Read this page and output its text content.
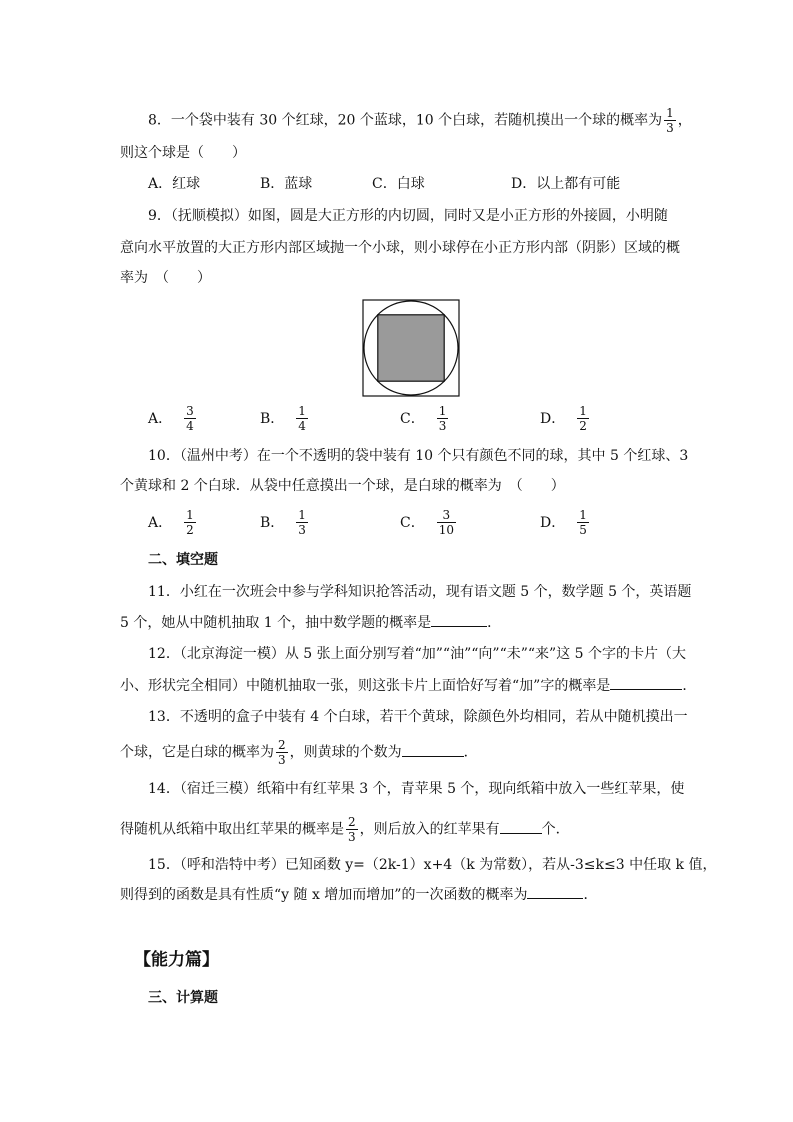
8．一个袋中装有 30 个红球，20 个蓝球，10 个白球，若随机摸出一个球的概率为 $\frac{1}{3}$ ，
则这个球是（　　）
A．红球	B．蓝球	C．白球	D．以上都有可能
9．（抚顺模拟）如图，圆是大正方形的内切圆，同时又是小正方形的外接圆，小明随
意向水平放置的大正方形内部区域抛一个小球，则小球停在小正方形内部（阴影）区域的概
率为　（　　）
A． $\frac{3}{4}$	B． $\frac{1}{4}$	C． $\frac{1}{3}$	D． $\frac{1}{2}$
10．（温州中考）在一个不透明的袋中装有 10 个只有颜色不同的球，其中 5 个红球、3
个黄球和 2 个白球．从袋中任意摸出一个球，是白球的概率为　（　　）
A． $\frac{1}{2}$	B． $\frac{1}{3}$	C． $\frac{3}{10}$	D． $\frac{1}{5}$
二、填空题
11．小红在一次班会中参与学科知识抢答活动，现有语文题 5 个，数学题 5 个，英语题
5 个，她从中随机抽取 1 个，抽中数学题的概率是	．
12．（北京海淀一模）从 5 张上面分别写着“加”“油”“向”“未”“来”这 5 个字的卡片（大
小、形状完全相同）中随机抽取一张，则这张卡片上面恰好写着“加”字的概率是	．
13．不透明的盒子中装有 4 个白球，若干个黄球，除颜色外均相同，若从中随机摸出一
个球，它是白球的概率为 $\frac{2}{3}$ ，则黄球的个数为	．
14．（宿迁三模）纸箱中有红苹果 3 个，青苹果 5 个，现向纸箱中放入一些红苹果，使
得随机从纸箱中取出红苹果的概率是 $\frac{2}{3}$ ，则后放入的红苹果有	个．
15．（呼和浩特中考）已知函数 y=（2k-1）x+4（k 为常数），若从-3≤k≤3 中任取 k 值，
则得到的函数是具有性质“y 随 x 增加而增加”的一次函数的概率为	．
【能力篇】
三、计算题
